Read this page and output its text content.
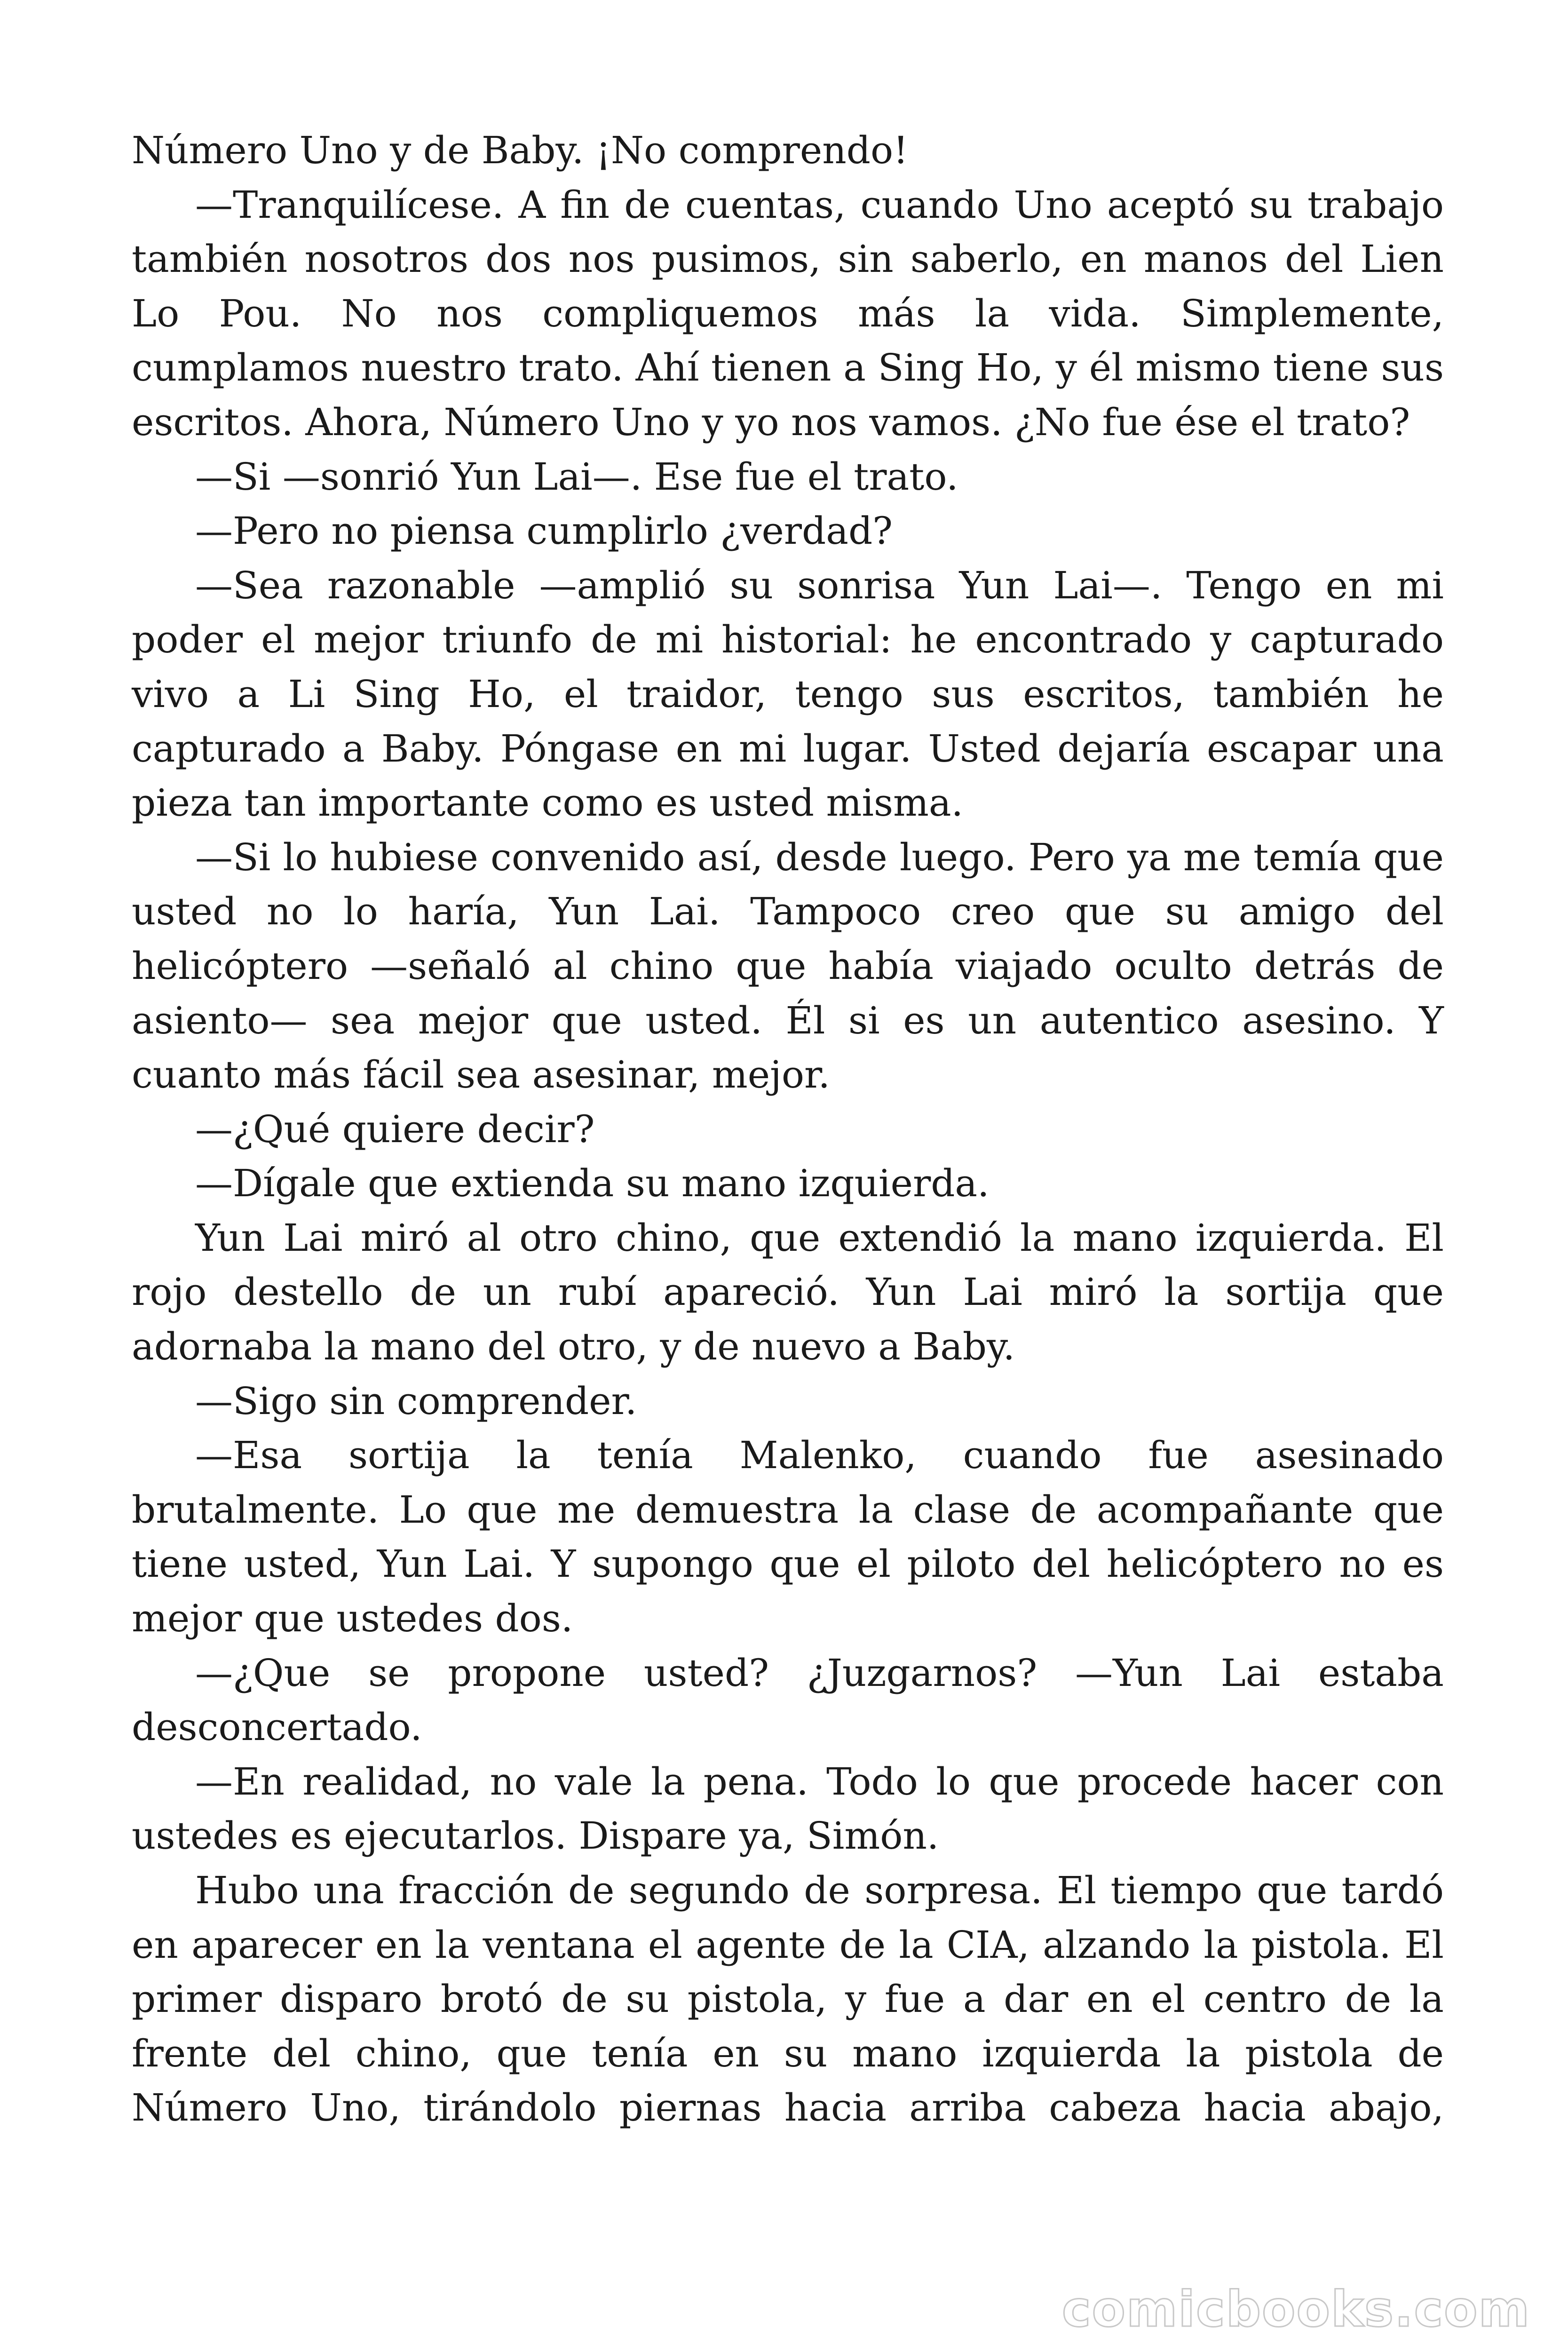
Número Uno y de Baby. ¡No comprendo!

—Tranquilícese. A fin de cuentas, cuando Uno aceptó su trabajo también nosotros dos nos pusimos, sin saberlo, en manos del Lien Lo Pou. No nos compliquemos más la vida. Simplemente, cumplamos nuestro trato. Ahí tienen a Sing Ho, y él mismo tiene sus escritos. Ahora, Número Uno y yo nos vamos. ¿No fue ése el trato?

—Si —sonrió Yun Lai—. Ese fue el trato.

—Pero no piensa cumplirlo ¿verdad?

—Sea razonable —amplió su sonrisa Yun Lai—. Tengo en mi poder el mejor triunfo de mi historial: he encontrado y capturado vivo a Li Sing Ho, el traidor, tengo sus escritos, también he capturado a Baby. Póngase en mi lugar. Usted dejaría escapar una pieza tan importante como es usted misma.

—Si lo hubiese convenido así, desde luego. Pero ya me temía que usted no lo haría, Yun Lai. Tampoco creo que su amigo del helicóptero —señaló al chino que había viajado oculto detrás de asiento— sea mejor que usted. Él si es un autentico asesino. Y cuanto más fácil sea asesinar, mejor.

—¿Qué quiere decir?

—Dígale que extienda su mano izquierda.

Yun Lai miró al otro chino, que extendió la mano izquierda. El rojo destello de un rubí apareció. Yun Lai miró la sortija que adornaba la mano del otro, y de nuevo a Baby.

—Sigo sin comprender.

—Esa sortija la tenía Malenko, cuando fue asesinado brutalmente. Lo que me demuestra la clase de acompañante que tiene usted, Yun Lai. Y supongo que el piloto del helicóptero no es mejor que ustedes dos.

—¿Que se propone usted? ¿Juzgarnos? —Yun Lai estaba desconcertado.

—En realidad, no vale la pena. Todo lo que procede hacer con ustedes es ejecutarlos. Dispare ya, Simón.

Hubo una fracción de segundo de sorpresa. El tiempo que tardó en aparecer en la ventana el agente de la CIA, alzando la pistola. El primer disparo brotó de su pistola, y fue a dar en el centro de la frente del chino, que tenía en su mano izquierda la pistola de Número Uno, tirándolo piernas hacia arriba cabeza hacia abajo,

comicbooks.com
